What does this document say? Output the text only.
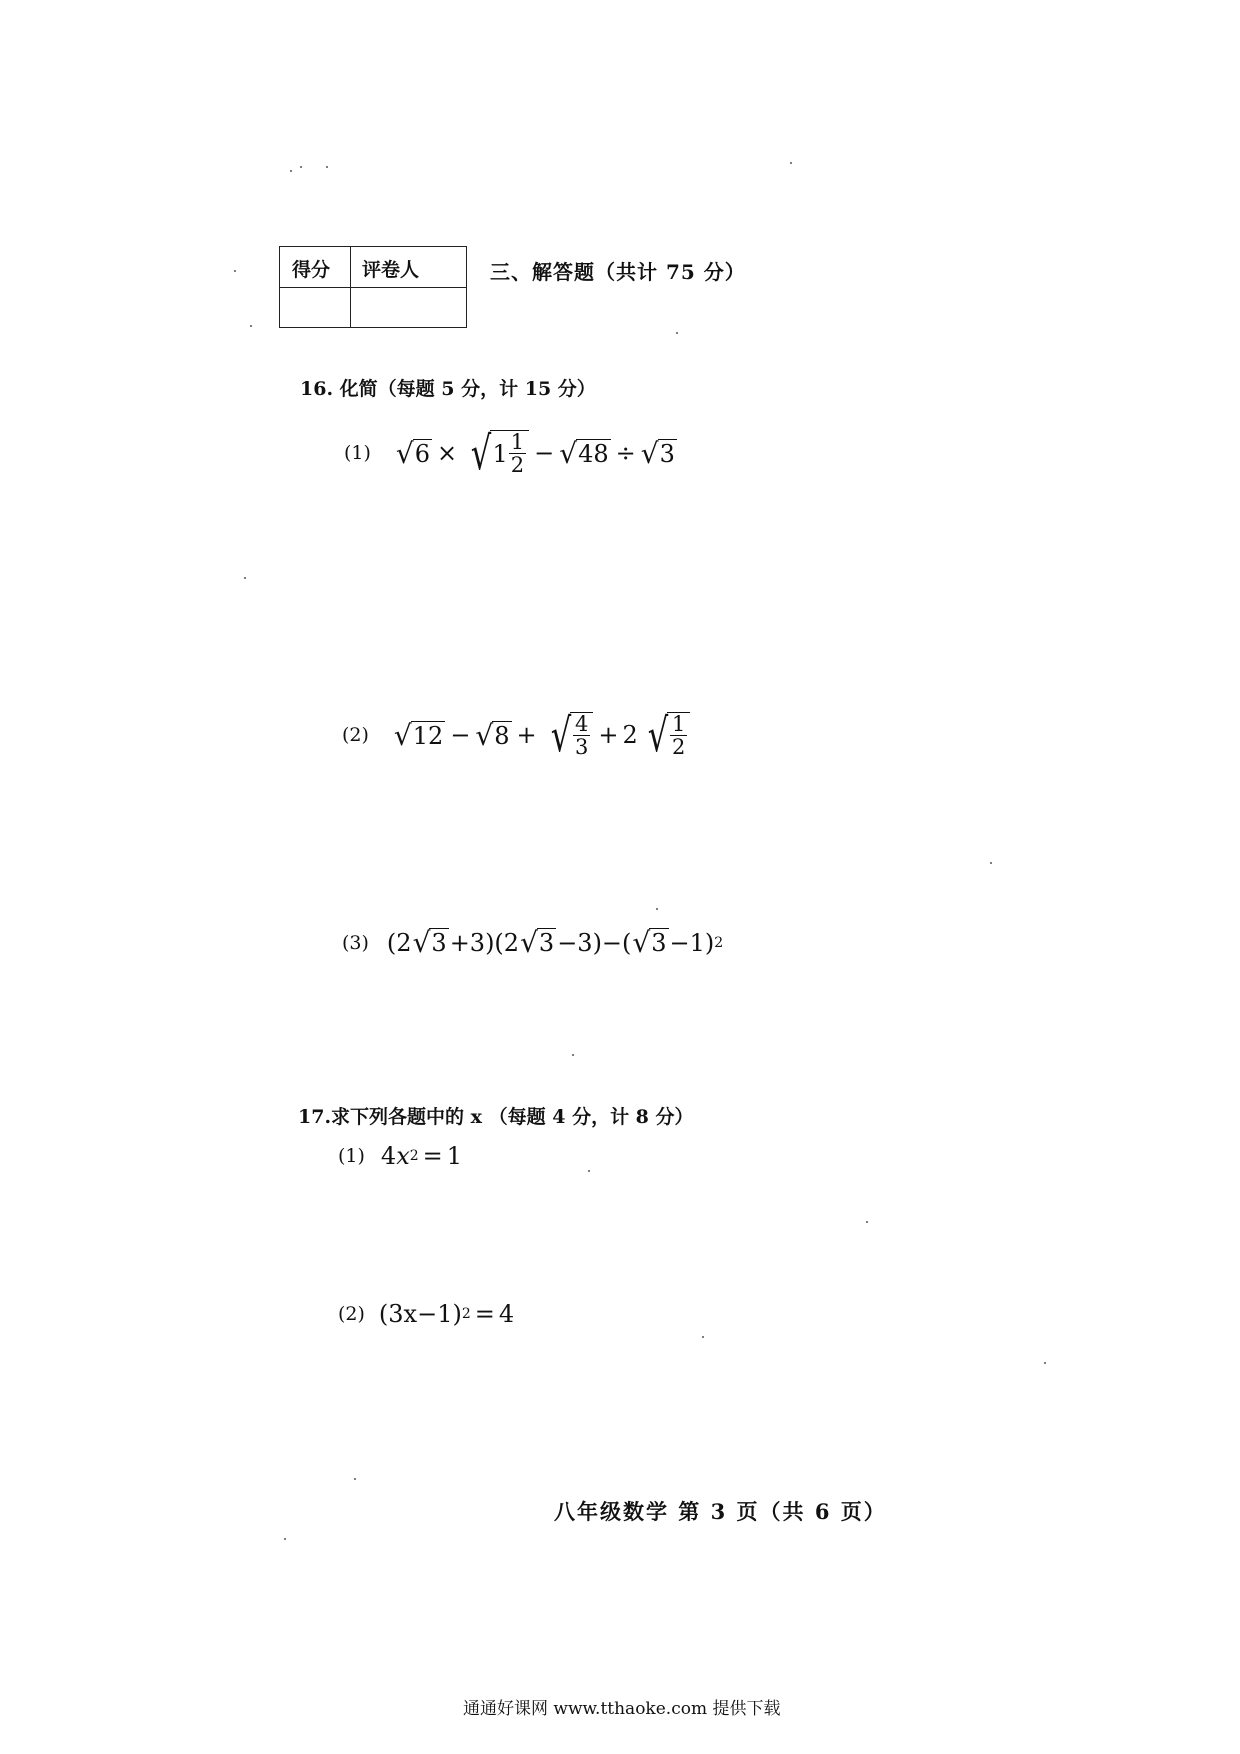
得分 评卷人	三、解答题（共计 75 分）
16. 化简（每题 5 分，计 15 分）
(1) √ 6 × √ $1 \frac{1}{2}$ − √ 48 ÷ √ 3
(2) √ 12 − √ 8 + √ $\frac{4}{3} + 2$ √ $\frac{1}{2}$
(3) (2 √ 3 +3)(2 √ 3 −3)−( √ 3 −1) 2
17.求下列各题中的 x （每题 4 分，计 8 分）
(1) 4 x 2 = 1
(2) (3x−1) 2 = 4
八年级数学 第 3 页（共 6 页）
通通好课网 www.tthaoke.com 提供下载
